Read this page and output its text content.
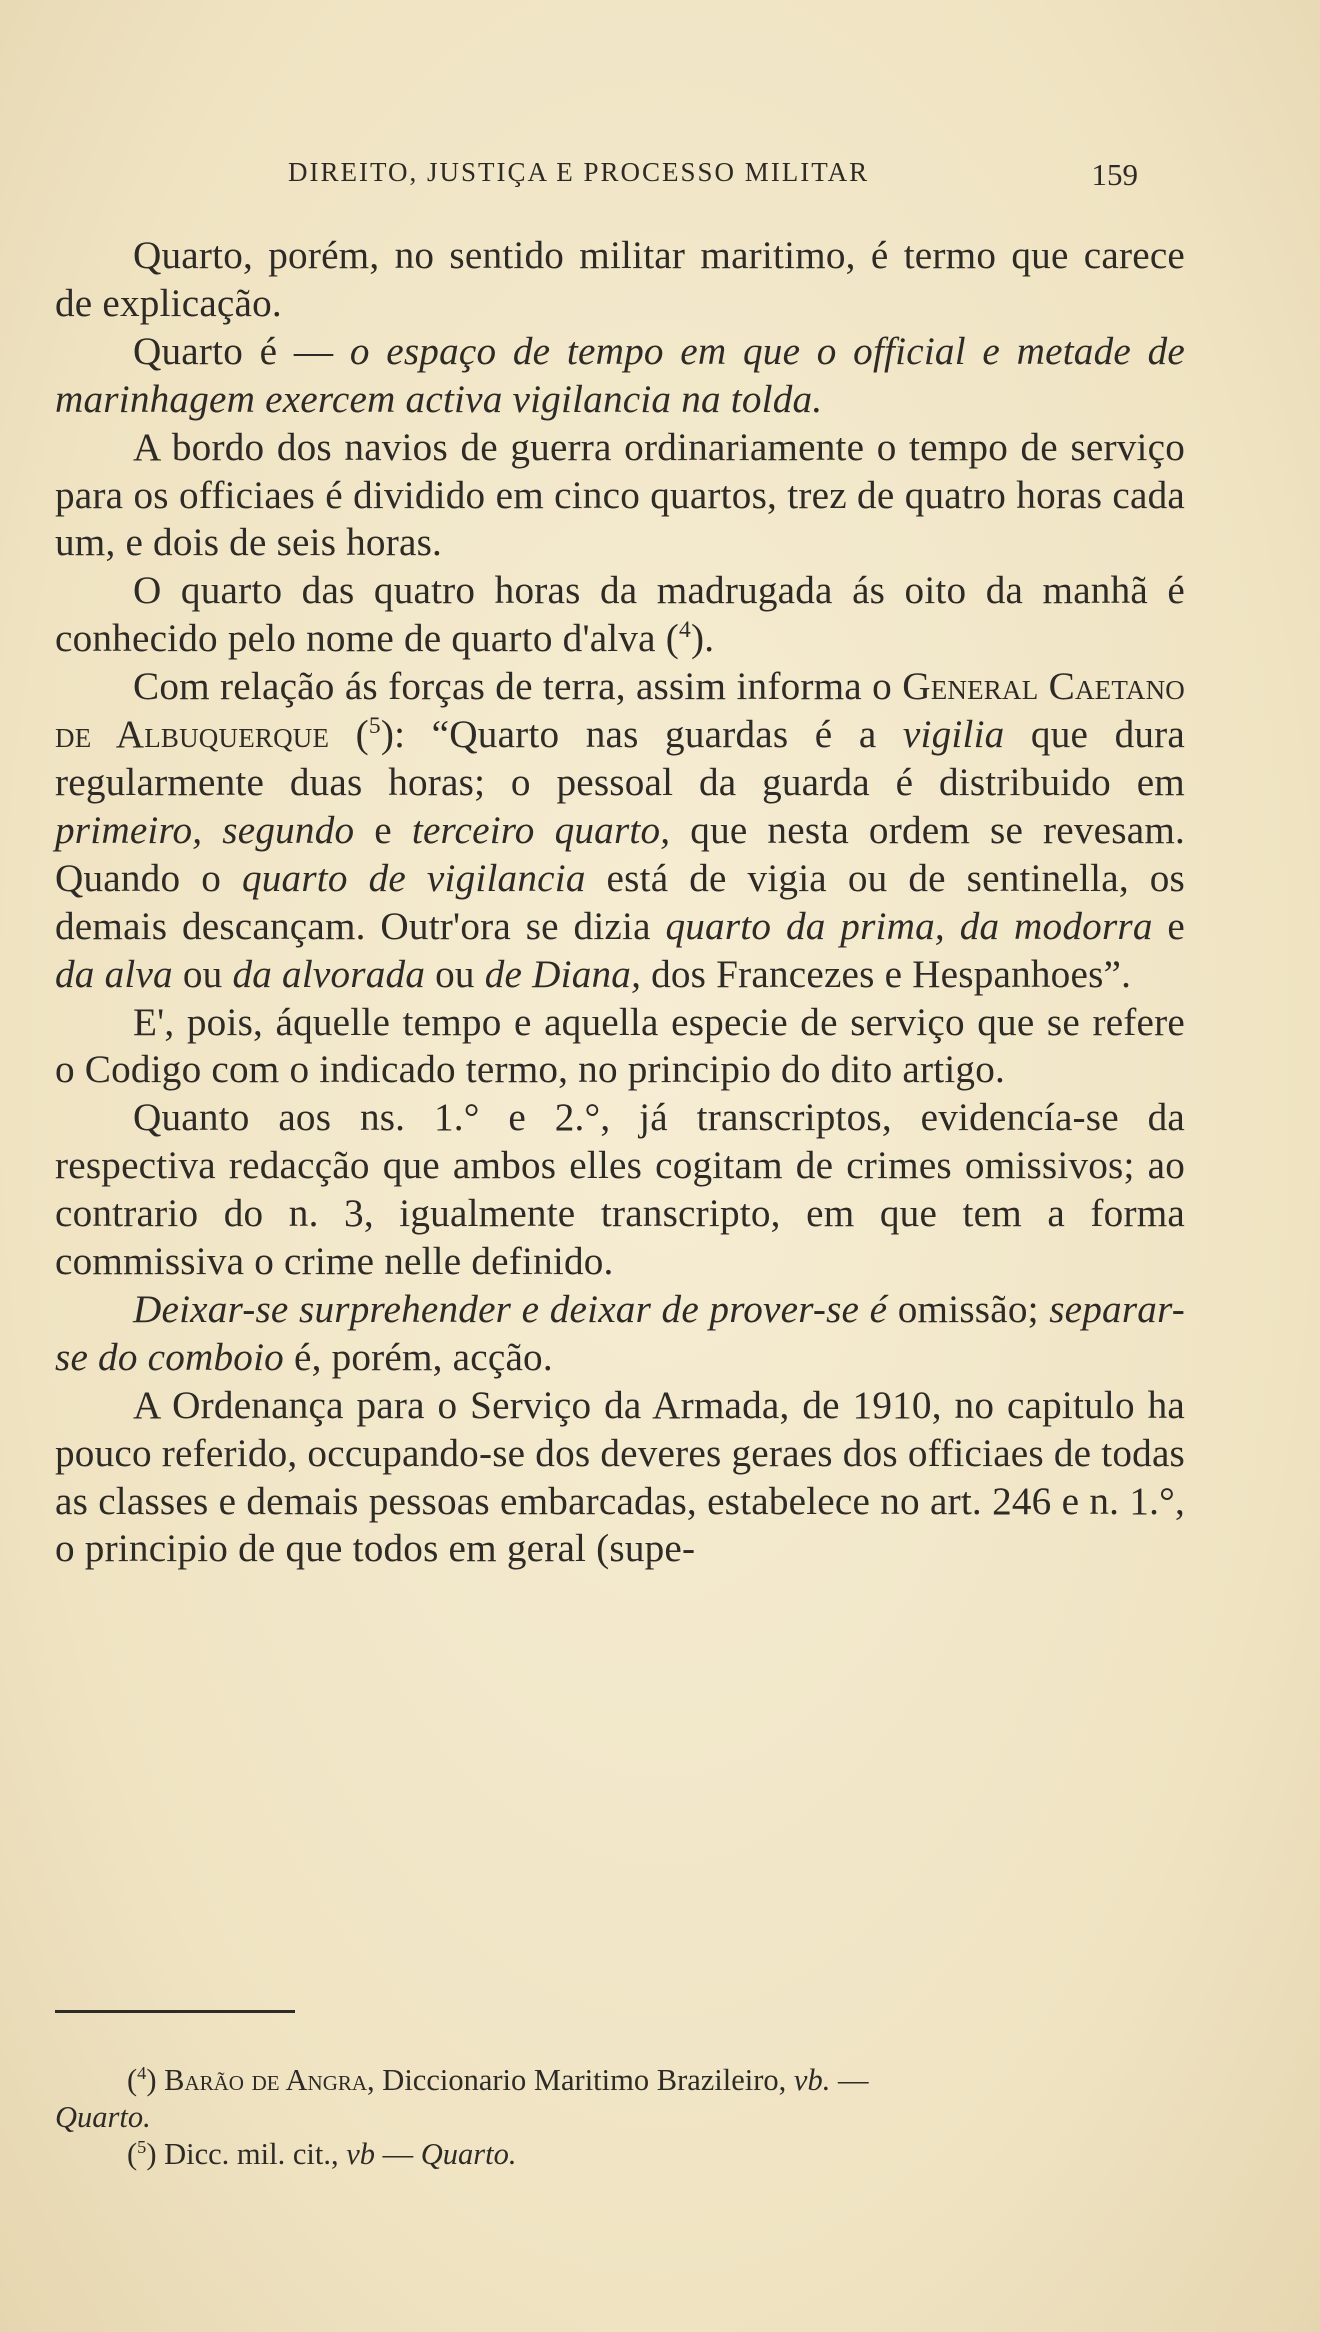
DIREITO, JUSTIÇA E PROCESSO MILITAR	159

Quarto, porém, no sentido militar maritimo, é termo que carece de explicação.

Quarto é — o espaço de tempo em que o official e metade de marinhagem exercem activa vigilancia na tolda.

A bordo dos navios de guerra ordinariamente o tempo de serviço para os officiaes é dividido em cinco quartos, trez de quatro horas cada um, e dois de seis horas.

O quarto das quatro horas da madrugada ás oito da manhã é conhecido pelo nome de quarto d'alva ($^4$).

Com relação ás forças de terra, assim informa o General Caetano de Albuquerque ($^5$): “Quarto nas guardas é a vigilia que dura regularmente duas horas; o pessoal da guarda é distribuido em primeiro, segundo e terceiro quarto, que nesta ordem se revesam. Quando o quarto de vigilancia está de vigia ou de sentinella, os demais descançam. Outr'ora se dizia quarto da prima, da modorra e da alva ou da alvorada ou de Diana, dos Francezes e Hespanhoes”.

E', pois, áquelle tempo e aquella especie de serviço que se refere o Codigo com o indicado termo, no principio do dito artigo.

Quanto aos ns. 1.° e 2.°, já transcriptos, evidencía-se da respectiva redacção que ambos elles cogitam de crimes omissivos; ao contrario do n. 3, igualmente transcripto, em que tem a forma commissiva o crime nelle definido.

Deixar-se surprehender e deixar de prover-se é omissão; separar-se do comboio é, porém, acção.

A Ordenança para o Serviço da Armada, de 1910, no capitulo ha pouco referido, occupando-se dos deveres geraes dos officiaes de todas as classes e demais pessoas embarcadas, estabelece no art. 246 e n. 1.°, o principio de que todos em geral (supe-

($^4$) Barão de Angra, Diccionario Maritimo Brazileiro, vb. —

Quarto.

($^5$) Dicc. mil. cit., vb — Quarto.
